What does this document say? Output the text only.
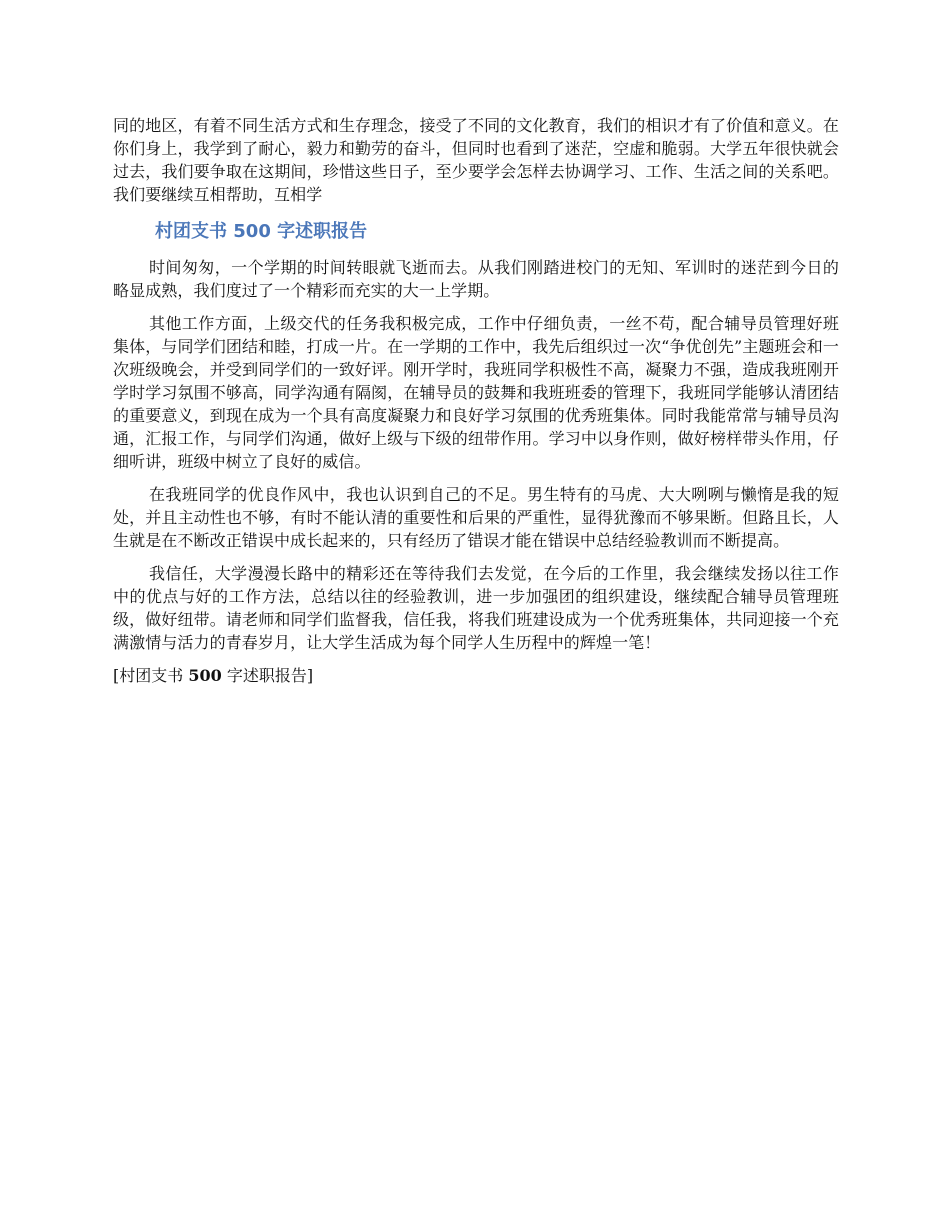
同的地区，有着不同生活方式和生存理念，接受了不同的文化教育，我们的相识才有了价值和意义。在你们身上，我学到了耐心，毅力和勤劳的奋斗，但同时也看到了迷茫，空虚和脆弱。大学五年很快就会过去，我们要争取在这期间，珍惜这些日子，至少要学会怎样去协调学习、工作、生活之间的关系吧。我们要继续互相帮助，互相学

村团支书 500 字述职报告

时间匆匆，一个学期的时间转眼就飞逝而去。从我们刚踏进校门的无知、军训时的迷茫到今日的略显成熟，我们度过了一个精彩而充实的大一上学期。

其他工作方面，上级交代的任务我积极完成，工作中仔细负责，一丝不苟，配合辅导员管理好班集体，与同学们团结和睦，打成一片。在一学期的工作中，我先后组织过一次“争优创先”主题班会和一次班级晚会，并受到同学们的一致好评。刚开学时，我班同学积极性不高，凝聚力不强，造成我班刚开学时学习氛围不够高，同学沟通有隔阂，在辅导员的鼓舞和我班班委的管理下，我班同学能够认清团结的重要意义，到现在成为一个具有高度凝聚力和良好学习氛围的优秀班集体。同时我能常常与辅导员沟通，汇报工作，与同学们沟通，做好上级与下级的纽带作用。学习中以身作则，做好榜样带头作用，仔细听讲，班级中树立了良好的威信。

在我班同学的优良作风中，我也认识到自己的不足。男生特有的马虎、大大咧咧与懒惰是我的短处，并且主动性也不够，有时不能认清的重要性和后果的严重性，显得犹豫而不够果断。但路且长，人生就是在不断改正错误中成长起来的，只有经历了错误才能在错误中总结经验教训而不断提高。

我信任，大学漫漫长路中的精彩还在等待我们去发觉，在今后的工作里，我会继续发扬以往工作中的优点与好的工作方法，总结以往的经验教训，进一步加强团的组织建设，继续配合辅导员管理班级，做好纽带。请老师和同学们监督我，信任我，将我们班建设成为一个优秀班集体，共同迎接一个充满激情与活力的青春岁月，让大学生活成为每个同学人生历程中的辉煌一笔！

[村团支书 500 字述职报告]
